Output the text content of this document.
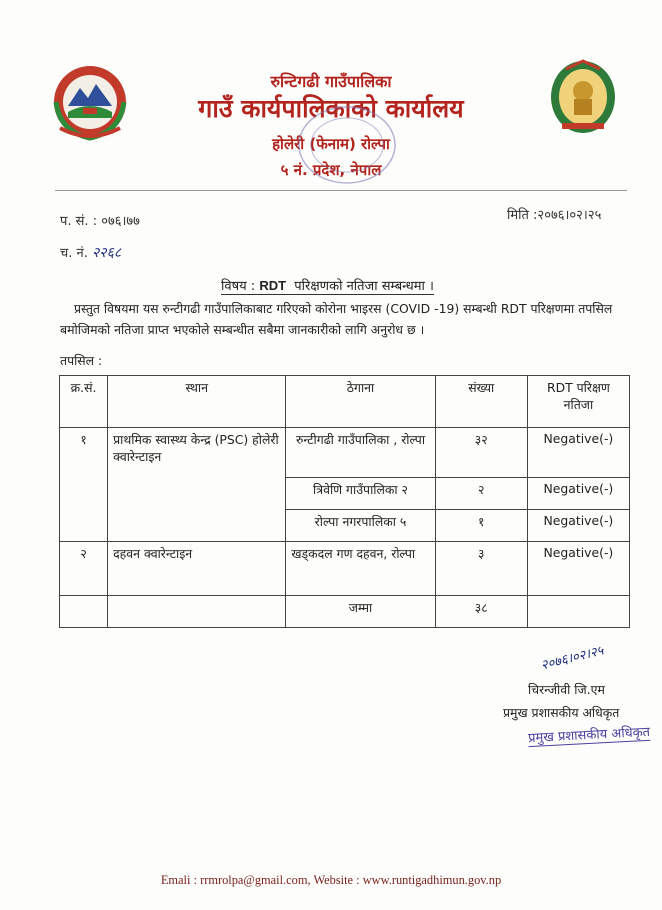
रुन्टिगढी गाउँपालिका
गाउँ कार्यपालिकाको कार्यालय
होलेरी (फेनाम) रोल्पा
५ नं. प्रदेश, नेपाल
प. सं. : ०७६।७७
च. नं. २२६८
मिति :२०७६।०२।२५
विषय : RDT परिक्षणको नतिजा सम्बन्धमा ।
प्रस्तुत विषयमा यस रुन्टीगढी गाउँपालिकाबाट गरिएको कोरोना भाइरस (COVID -19) सम्बन्धी RDT परिक्षणमा तपसिल बमोजिमको नतिजा प्राप्त भएकोले सम्बन्धीत सबैमा जानकारीको लागि अनुरोध छ ।
तपसिल :
क्र.सं.	स्थान	ठेगाना	संख्या	RDT परिक्षण नतिजा
१	प्राथमिक स्वास्थ्य केन्द्र (PSC) होलेरी क्वारेन्टाइन	रुन्टीगढी गाउँपालिका , रोल्पा	३२	Negative(-)
		त्रिवेणि गाउँपालिका २	२	Negative(-)
		रोल्पा नगरपालिका ५	१	Negative(-)
२	दहवन क्वारेन्टाइन	खड्कदल गण दहवन, रोल्पा	३	Negative(-)
		जम्मा	३८	
२०७६।०२।२५
चिरन्जीवी जि.एम
प्रमुख प्रशासकीय अधिकृत
प्रमुख प्रशासकीय अधिकृत
Emali : rrmrolpa@gmail.com, Website : www.runtigadhimun.gov.np
